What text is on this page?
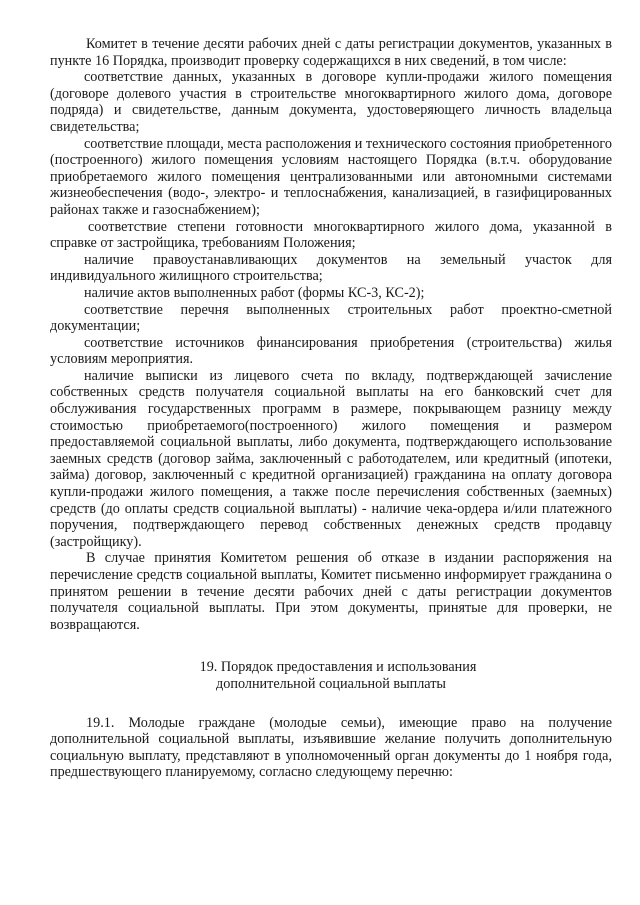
Комитет в течение десяти рабочих дней с даты регистрации документов, указанных в пункте 16 Порядка, производит проверку содержащихся в них сведений, в том числе:

соответствие данных, указанных в договоре купли-продажи жилого помещения (договоре долевого участия в строительстве многоквартирного жилого дома, договоре подряда) и свидетельстве, данным документа, удостоверяющего личность владельца свидетельства;

соответствие площади, места расположения и технического состояния приобретенного (построенного) жилого помещения условиям настоящего Порядка (в.т.ч. оборудование приобретаемого жилого помещения централизованными или автономными системами жизнеобеспечения (водо-, электро- и теплоснабжения, канализацией, в газифицированных районах также и газоснабжением);

соответствие степени готовности многоквартирного жилого дома, указанной в справке от застройщика, требованиям Положения;

наличие правоустанавливающих документов на земельный участок для индивидуального жилищного строительства;

наличие актов выполненных работ (формы КС-3, КС-2);

соответствие перечня выполненных строительных работ проектно-сметной документации;

соответствие источников финансирования приобретения (строительства) жилья условиям мероприятия.

наличие выписки из лицевого счета по вкладу, подтверждающей зачисление собственных средств получателя социальной выплаты на его банковский счет для обслуживания государственных программ в размере, покрывающем разницу между стоимостью приобретаемого(построенного) жилого помещения и размером предоставляемой социальной выплаты, либо документа, подтверждающего использование заемных средств (договор займа, заключенный с работодателем, или кредитный (ипотеки, займа) договор, заключенный с кредитной организацией) гражданина на оплату договора купли-продажи жилого помещения, а также после перечисления собственных (заемных) средств (до оплаты средств социальной выплаты) - наличие чека-ордера и/или платежного поручения, подтверждающего перевод собственных денежных средств продавцу (застройщику).

В случае принятия Комитетом решения об отказе в издании распоряжения на перечисление средств социальной выплаты, Комитет письменно информирует гражданина о принятом решении в течение десяти рабочих дней с даты регистрации документов получателя социальной выплаты. При этом документы, принятые для проверки, не возвращаются.

19. Порядок предоставления и использования
дополнительной социальной выплаты

19.1. Молодые граждане (молодые семьи), имеющие право на получение дополнительной социальной выплаты, изъявившие желание получить дополнительную социальную выплату, представляют в уполномоченный орган документы до 1 ноября года, предшествующего планируемому, согласно следующему перечню:
